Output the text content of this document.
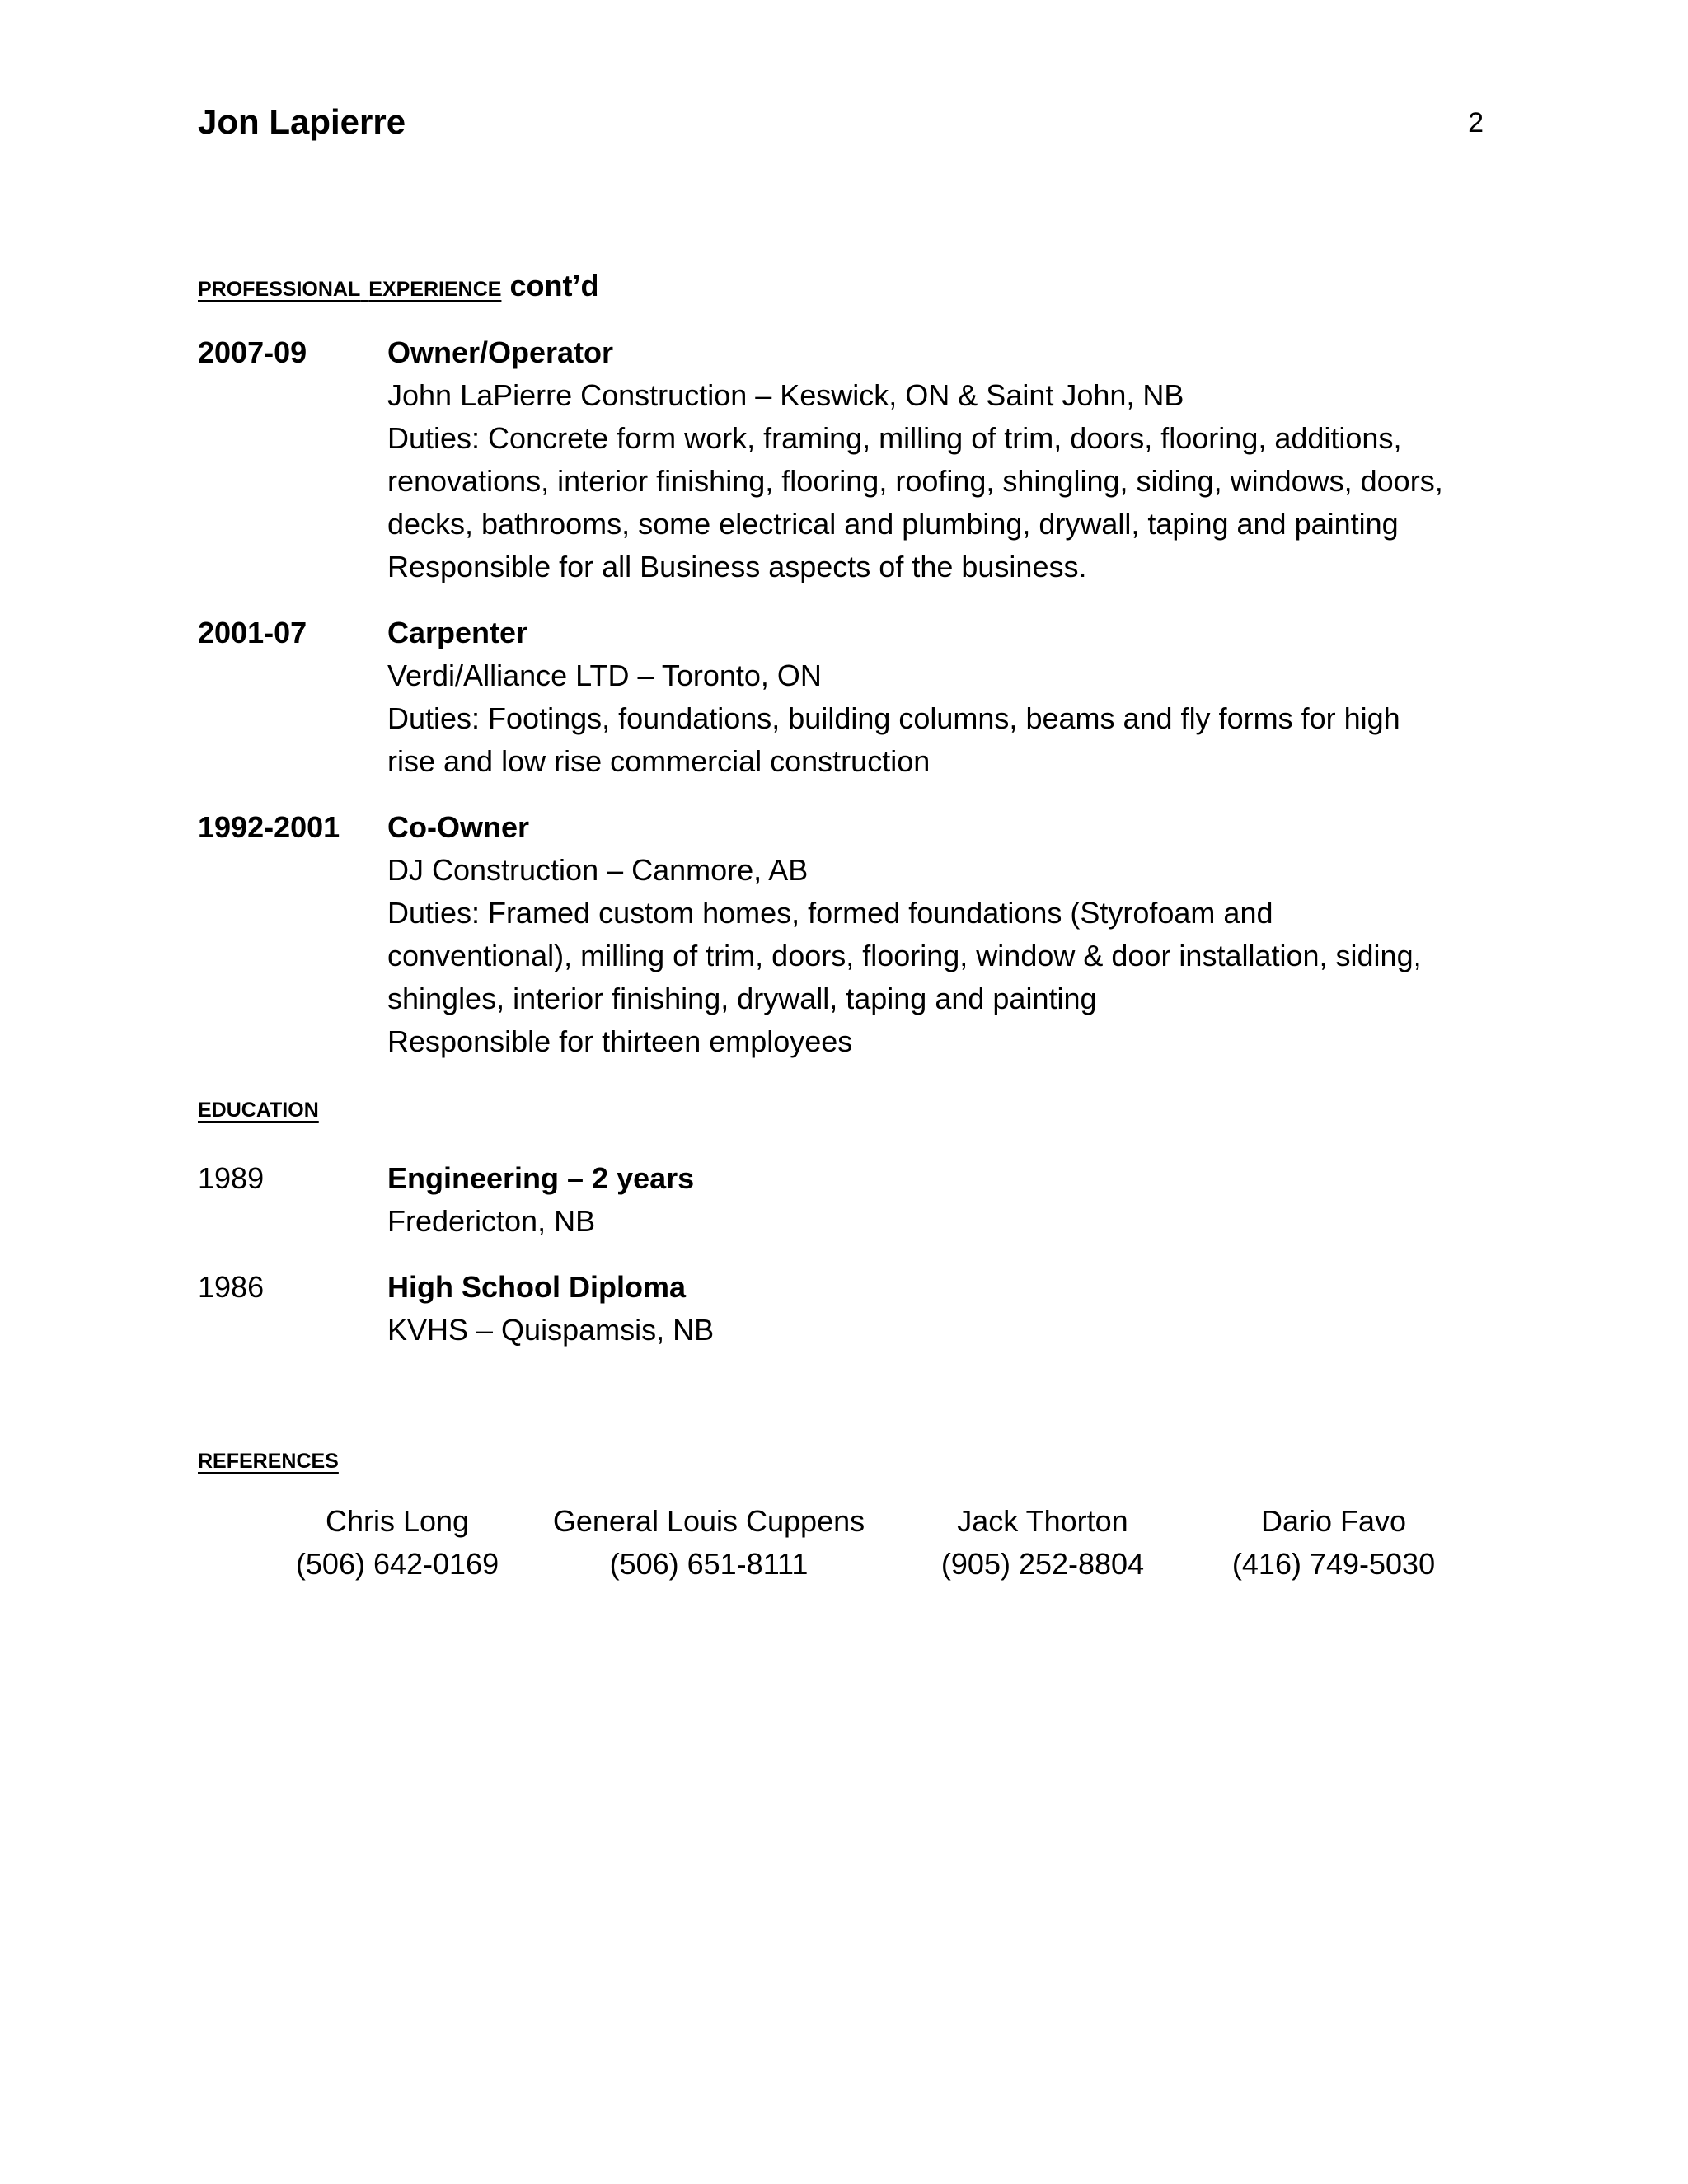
Jon Lapierre	2
professional experience cont’d
2007-09	Owner/Operator
John LaPierre Construction – Keswick, ON & Saint John, NB
Duties: Concrete form work, framing, milling of trim, doors, flooring, additions,
renovations, interior finishing, flooring, roofing, shingling, siding, windows, doors,
decks, bathrooms, some electrical and plumbing, drywall, taping and painting
Responsible for all Business aspects of the business.
2001-07	Carpenter
Verdi/Alliance LTD – Toronto, ON
Duties: Footings, foundations, building columns, beams and fly forms for high
rise and low rise commercial construction
1992-2001 Co-Owner
DJ Construction – Canmore, AB
Duties: Framed custom homes, formed foundations (Styrofoam and
conventional), milling of trim, doors, flooring, window & door installation, siding,
shingles, interior finishing, drywall, taping and painting
Responsible for thirteen employees
education
1989	Engineering – 2 years
Fredericton, NB
1986	High School Diploma
KVHS – Quispamsis, NB
references
Chris Long
(506) 642-0169
General Louis Cuppens
(506) 651-8111
Jack Thorton
(905) 252-8804
Dario Favo
(416) 749-5030
